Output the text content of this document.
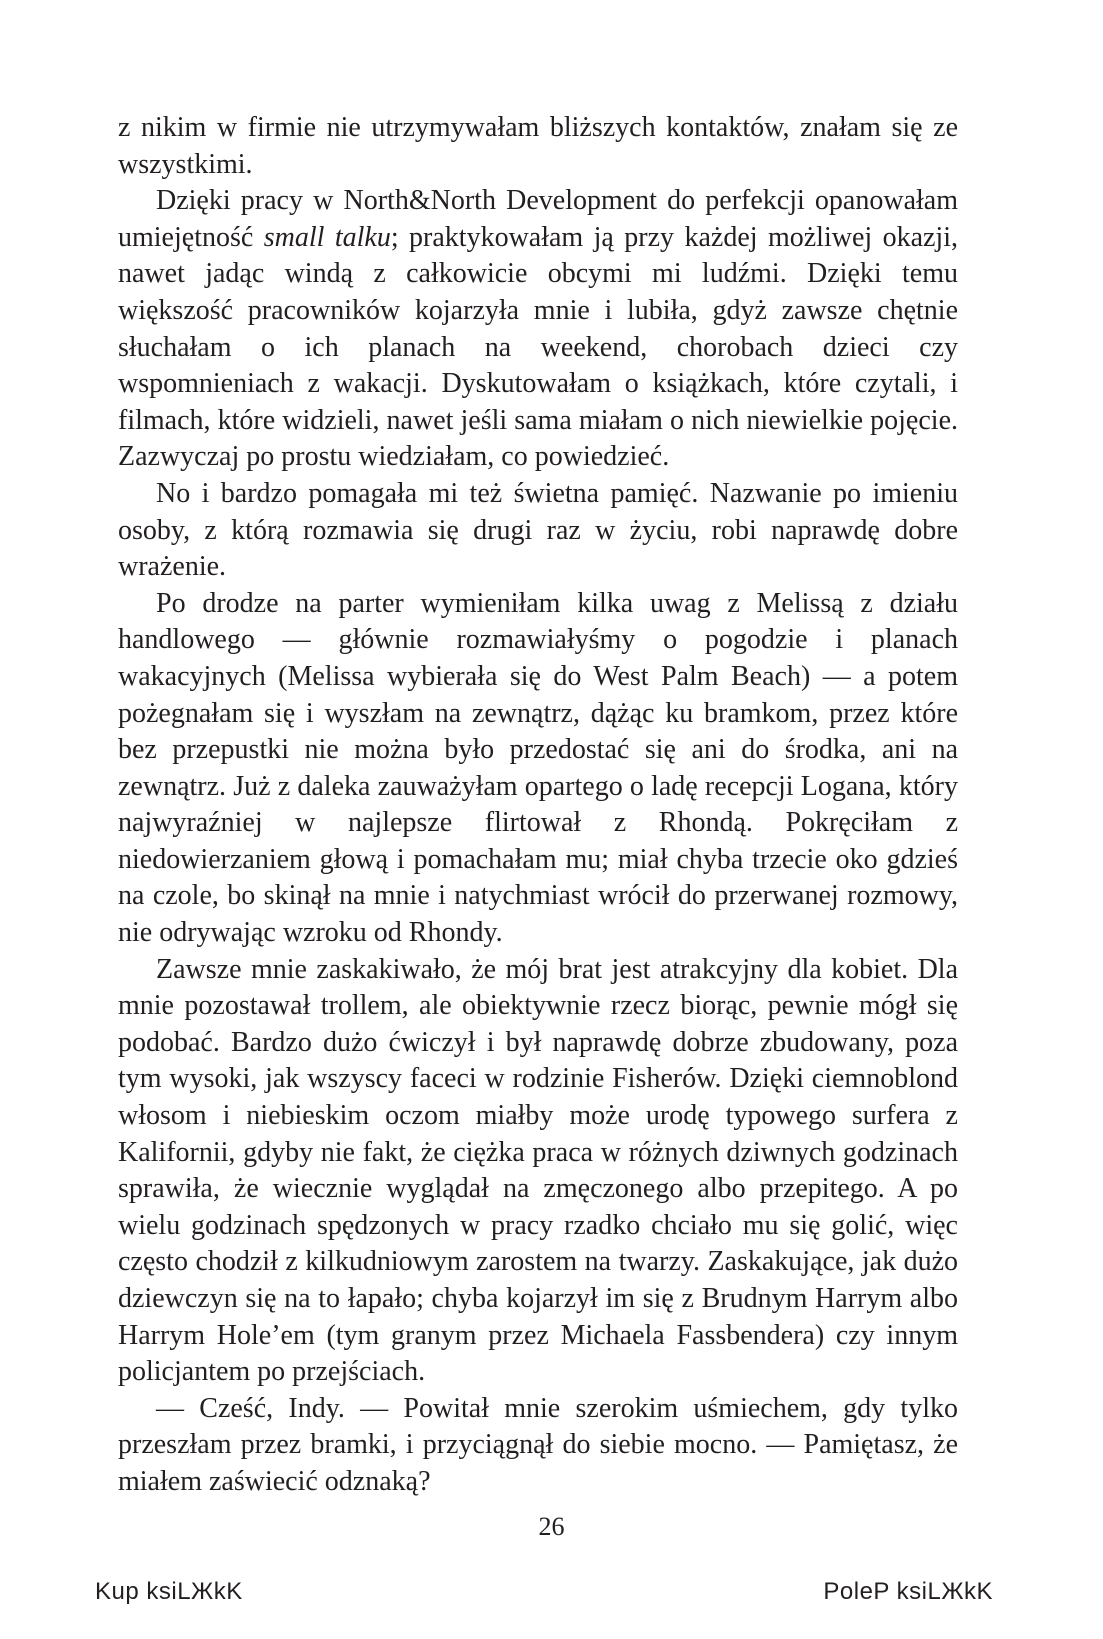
z nikim w firmie nie utrzymywałam bliższych kontaktów, znałam się ze wszystkimi.

Dzięki pracy w North&North Development do perfekcji opanowałam umiejętność small talku; praktykowałam ją przy każdej możliwej okazji, nawet jadąc windą z całkowicie obcymi mi ludźmi. Dzięki temu większość pracowników kojarzyła mnie i lubiła, gdyż zawsze chętnie słuchałam o ich planach na weekend, chorobach dzieci czy wspomnieniach z wakacji. Dyskutowałam o książkach, które czytali, i filmach, które widzieli, nawet jeśli sama miałam o nich niewielkie pojęcie. Zazwyczaj po prostu wiedziałam, co powiedzieć.

No i bardzo pomagała mi też świetna pamięć. Nazwanie po imieniu osoby, z którą rozmawia się drugi raz w życiu, robi naprawdę dobre wrażenie.

Po drodze na parter wymieniłam kilka uwag z Melissą z działu handlowego — głównie rozmawiałyśmy o pogodzie i planach wakacyjnych (Melissa wybierała się do West Palm Beach) — a potem pożegnałam się i wyszłam na zewnątrz, dążąc ku bramkom, przez które bez przepustki nie można było przedostać się ani do środka, ani na zewnątrz. Już z daleka zauważyłam opartego o ladę recepcji Logana, który najwyraźniej w najlepsze flirtował z Rhondą. Pokręciłam z niedowierzaniem głową i pomachałam mu; miał chyba trzecie oko gdzieś na czole, bo skinął na mnie i natychmiast wrócił do przerwanej rozmowy, nie odrywając wzroku od Rhondy.

Zawsze mnie zaskakiwało, że mój brat jest atrakcyjny dla kobiet. Dla mnie pozostawał trollem, ale obiektywnie rzecz biorąc, pewnie mógł się podobać. Bardzo dużo ćwiczył i był naprawdę dobrze zbudowany, poza tym wysoki, jak wszyscy faceci w rodzinie Fisherów. Dzięki ciemnoblond włosom i niebieskim oczom miałby może urodę typowego surfera z Kalifornii, gdyby nie fakt, że ciężka praca w różnych dziwnych godzinach sprawiła, że wiecznie wyglądał na zmęczonego albo przepitego. A po wielu godzinach spędzonych w pracy rzadko chciało mu się golić, więc często chodził z kilkudniowym zarostem na twarzy. Zaskakujące, jak dużo dziewczyn się na to łapało; chyba kojarzył im się z Brudnym Harrym albo Harrym Hole’em (tym granym przez Michaela Fassbendera) czy innym policjantem po przejściach.

— Cześć, Indy. — Powitał mnie szerokim uśmiechem, gdy tylko przeszłam przez bramki, i przyciągnął do siebie mocno. — Pamiętasz, że miałem zaświecić odznaką?

26
Kup ksiLЖkK	PoleP ksiLЖkK
